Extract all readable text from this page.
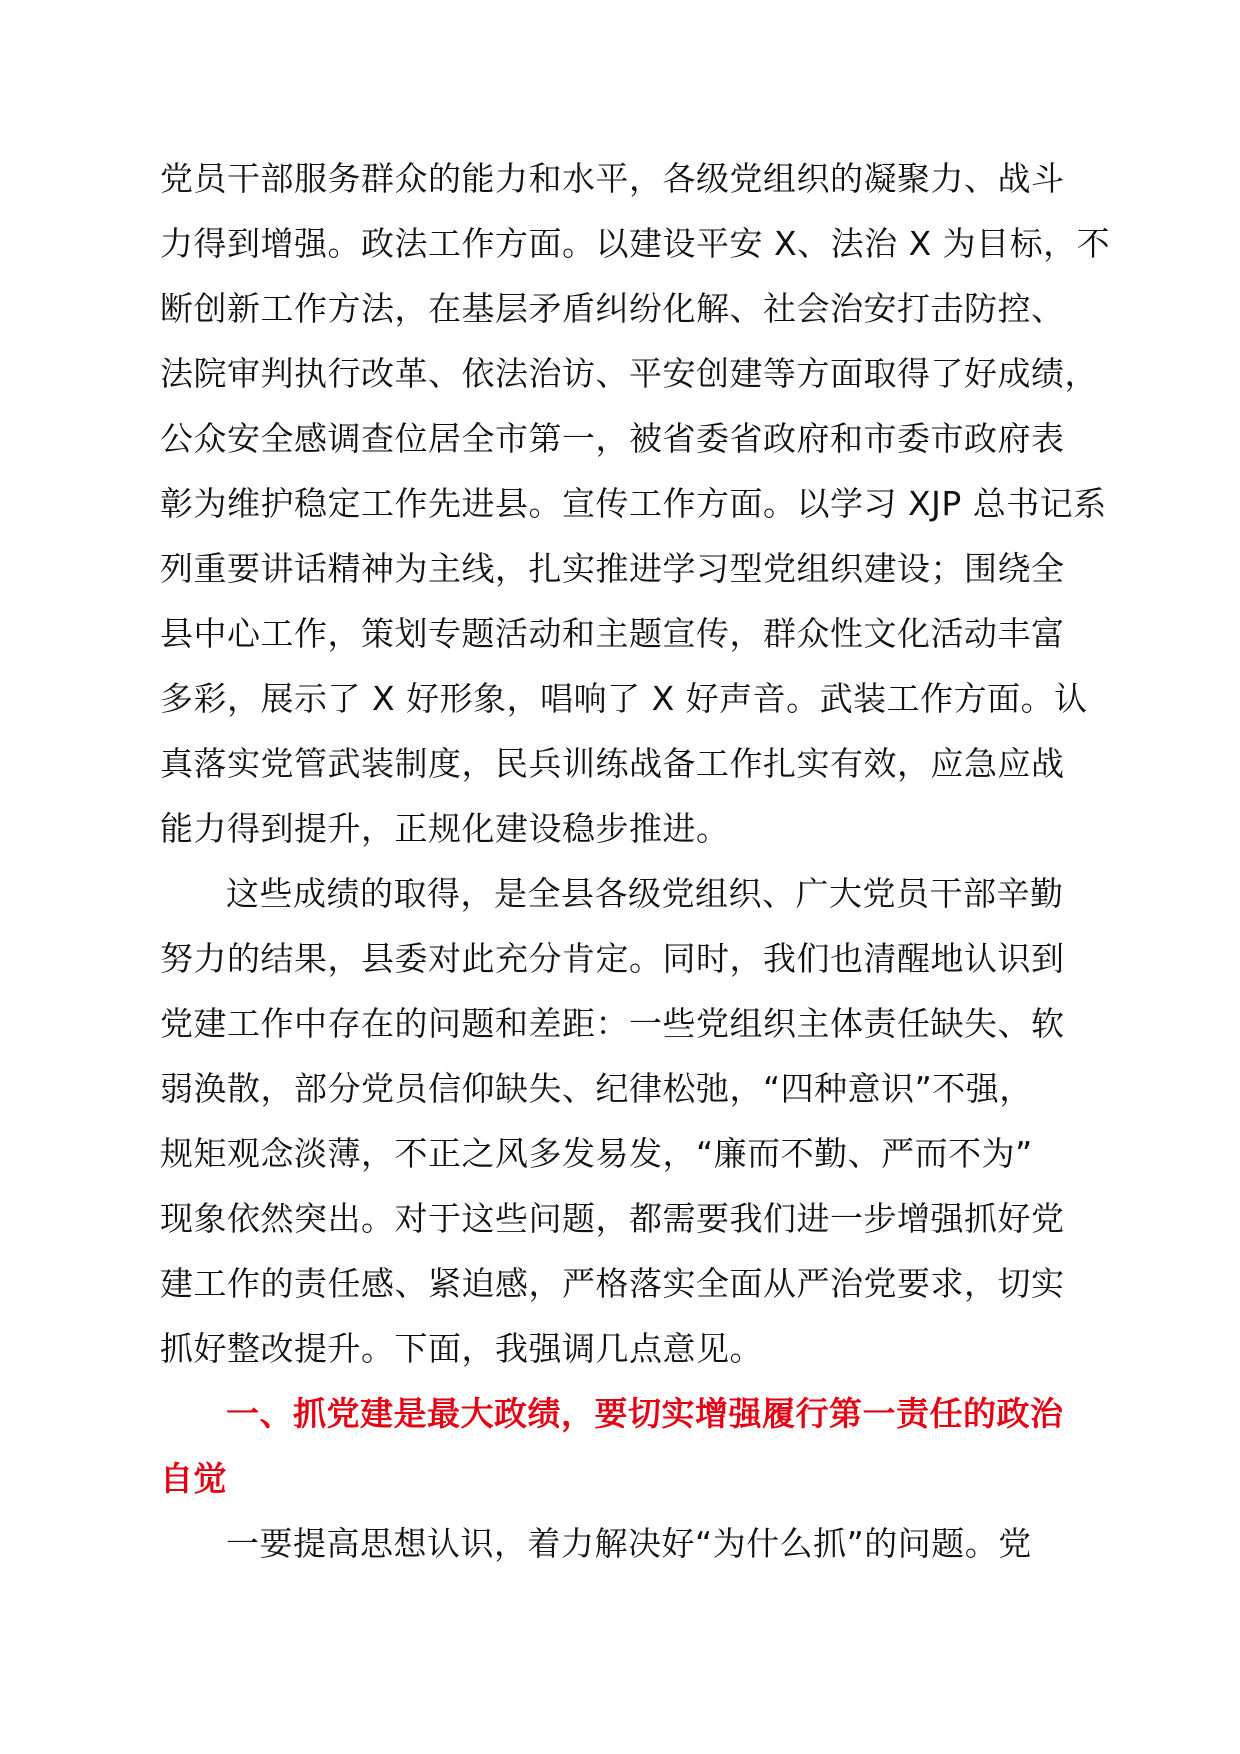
党员干部服务群众的能力和水平，各级党组织的凝聚力、战斗
力得到增强。政法工作方面。以建设平安 X、法治 X 为目标，不
断创新工作方法，在基层矛盾纠纷化解、社会治安打击防控、
法院审判执行改革、依法治访、平安创建等方面取得了好成绩，
公众安全感调查位居全市第一，被省委省政府和市委市政府表
彰为维护稳定工作先进县。宣传工作方面。以学习 XJP 总书记系
列重要讲话精神为主线，扎实推进学习型党组织建设；围绕全
县中心工作，策划专题活动和主题宣传，群众性文化活动丰富
多彩，展示了 X 好形象，唱响了 X 好声音。武装工作方面。认
真落实党管武装制度，民兵训练战备工作扎实有效，应急应战
能力得到提升，正规化建设稳步推进。
这些成绩的取得，是全县各级党组织、广大党员干部辛勤
努力的结果，县委对此充分肯定。同时，我们也清醒地认识到
党建工作中存在的问题和差距：一些党组织主体责任缺失、软
弱涣散，部分党员信仰缺失、纪律松弛，“四种意识”不强，
规矩观念淡薄，不正之风多发易发，“廉而不勤、严而不为”
现象依然突出。对于这些问题，都需要我们进一步增强抓好党
建工作的责任感、紧迫感，严格落实全面从严治党要求，切实
抓好整改提升。下面，我强调几点意见。
一、抓党建是最大政绩，要切实增强履行第一责任的政治
自觉
一要提高思想认识，着力解决好“为什么抓”的问题。党
